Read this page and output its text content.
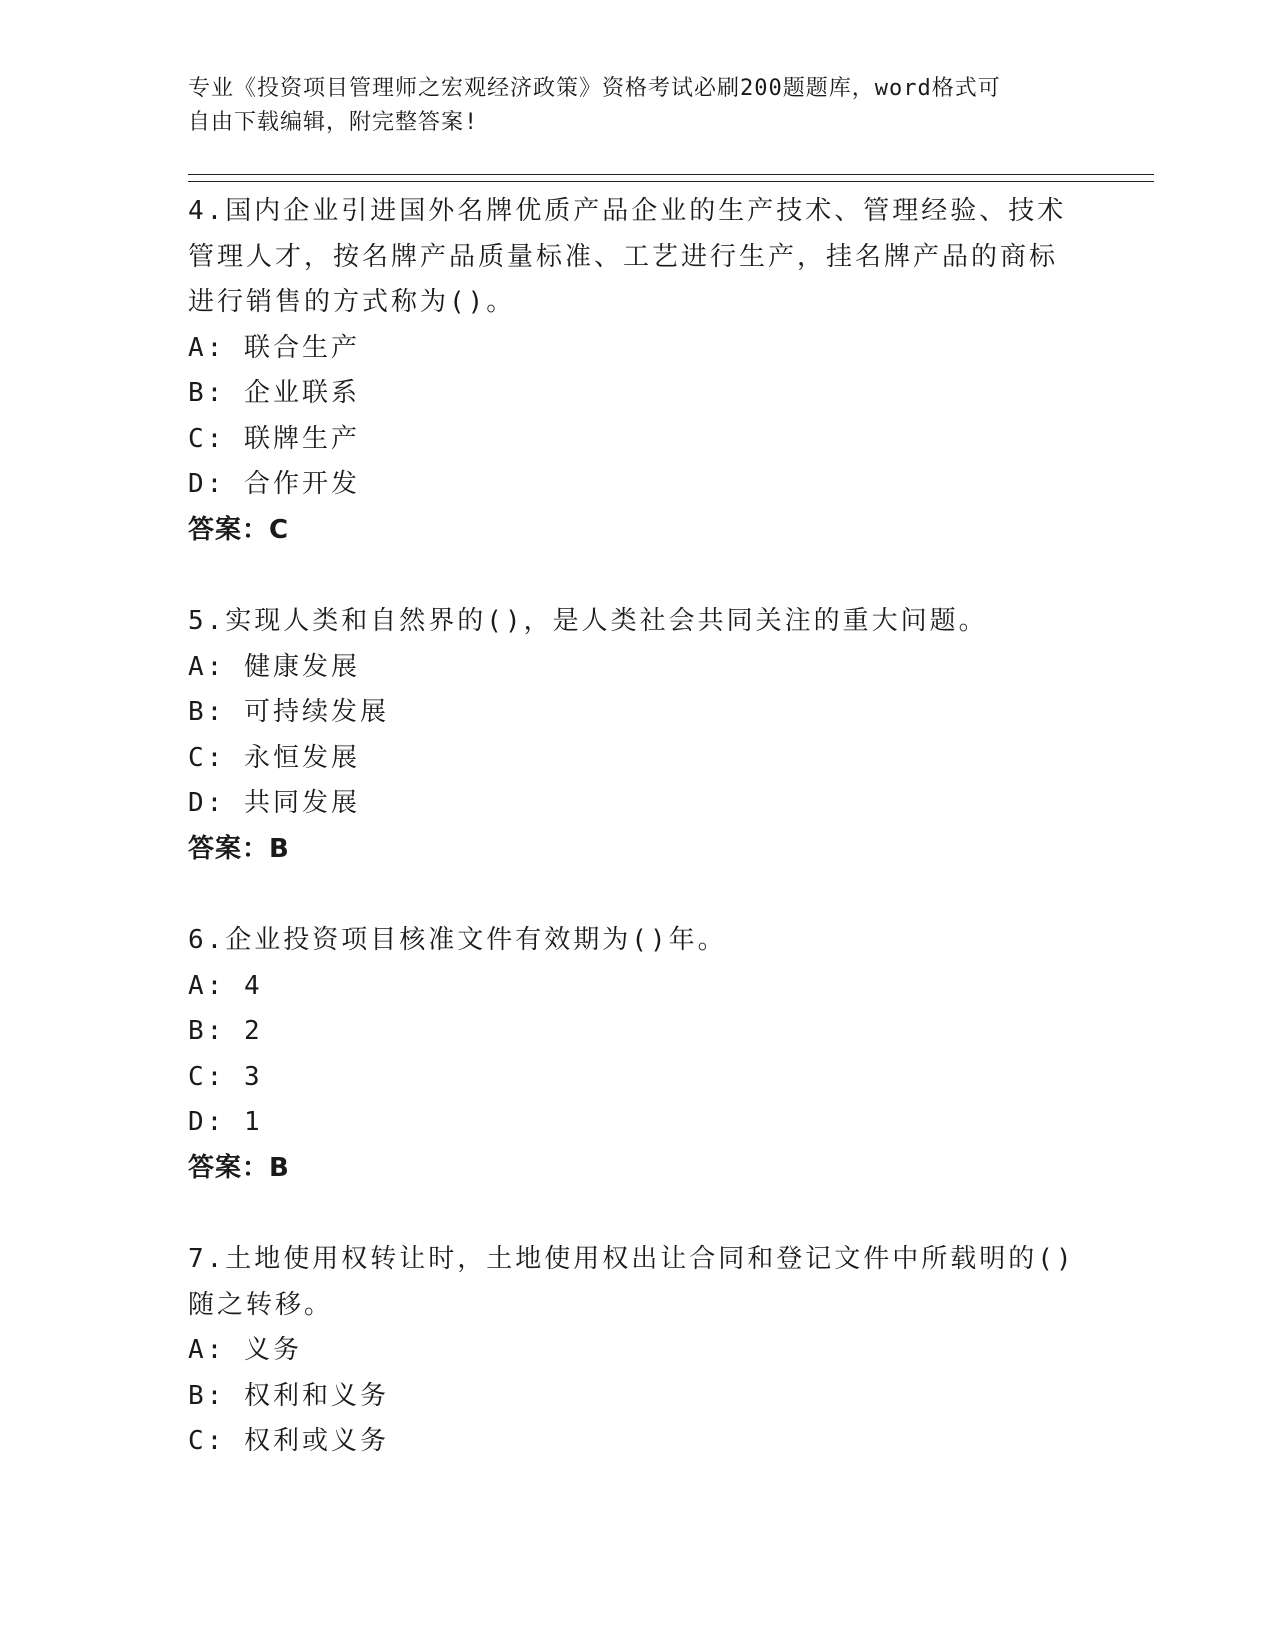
专业《投资项目管理师之宏观经济政策》资格考试必刷200题题库，word格式可
自由下载编辑，附完整答案!
4.国内企业引进国外名牌优质产品企业的生产技术、管理经验、技术
管理人才，按名牌产品质量标准、工艺进行生产，挂名牌产品的商标
进行销售的方式称为()。
A: 联合生产
B: 企业联系
C: 联牌生产
D: 合作开发
答案：C
5.实现人类和自然界的()，是人类社会共同关注的重大问题。
A: 健康发展
B: 可持续发展
C: 永恒发展
D: 共同发展
答案：B
6.企业投资项目核准文件有效期为()年。
A: 4
B: 2
C: 3
D: 1
答案：B
7.土地使用权转让时，土地使用权出让合同和登记文件中所载明的()
随之转移。
A: 义务
B: 权利和义务
C: 权利或义务
